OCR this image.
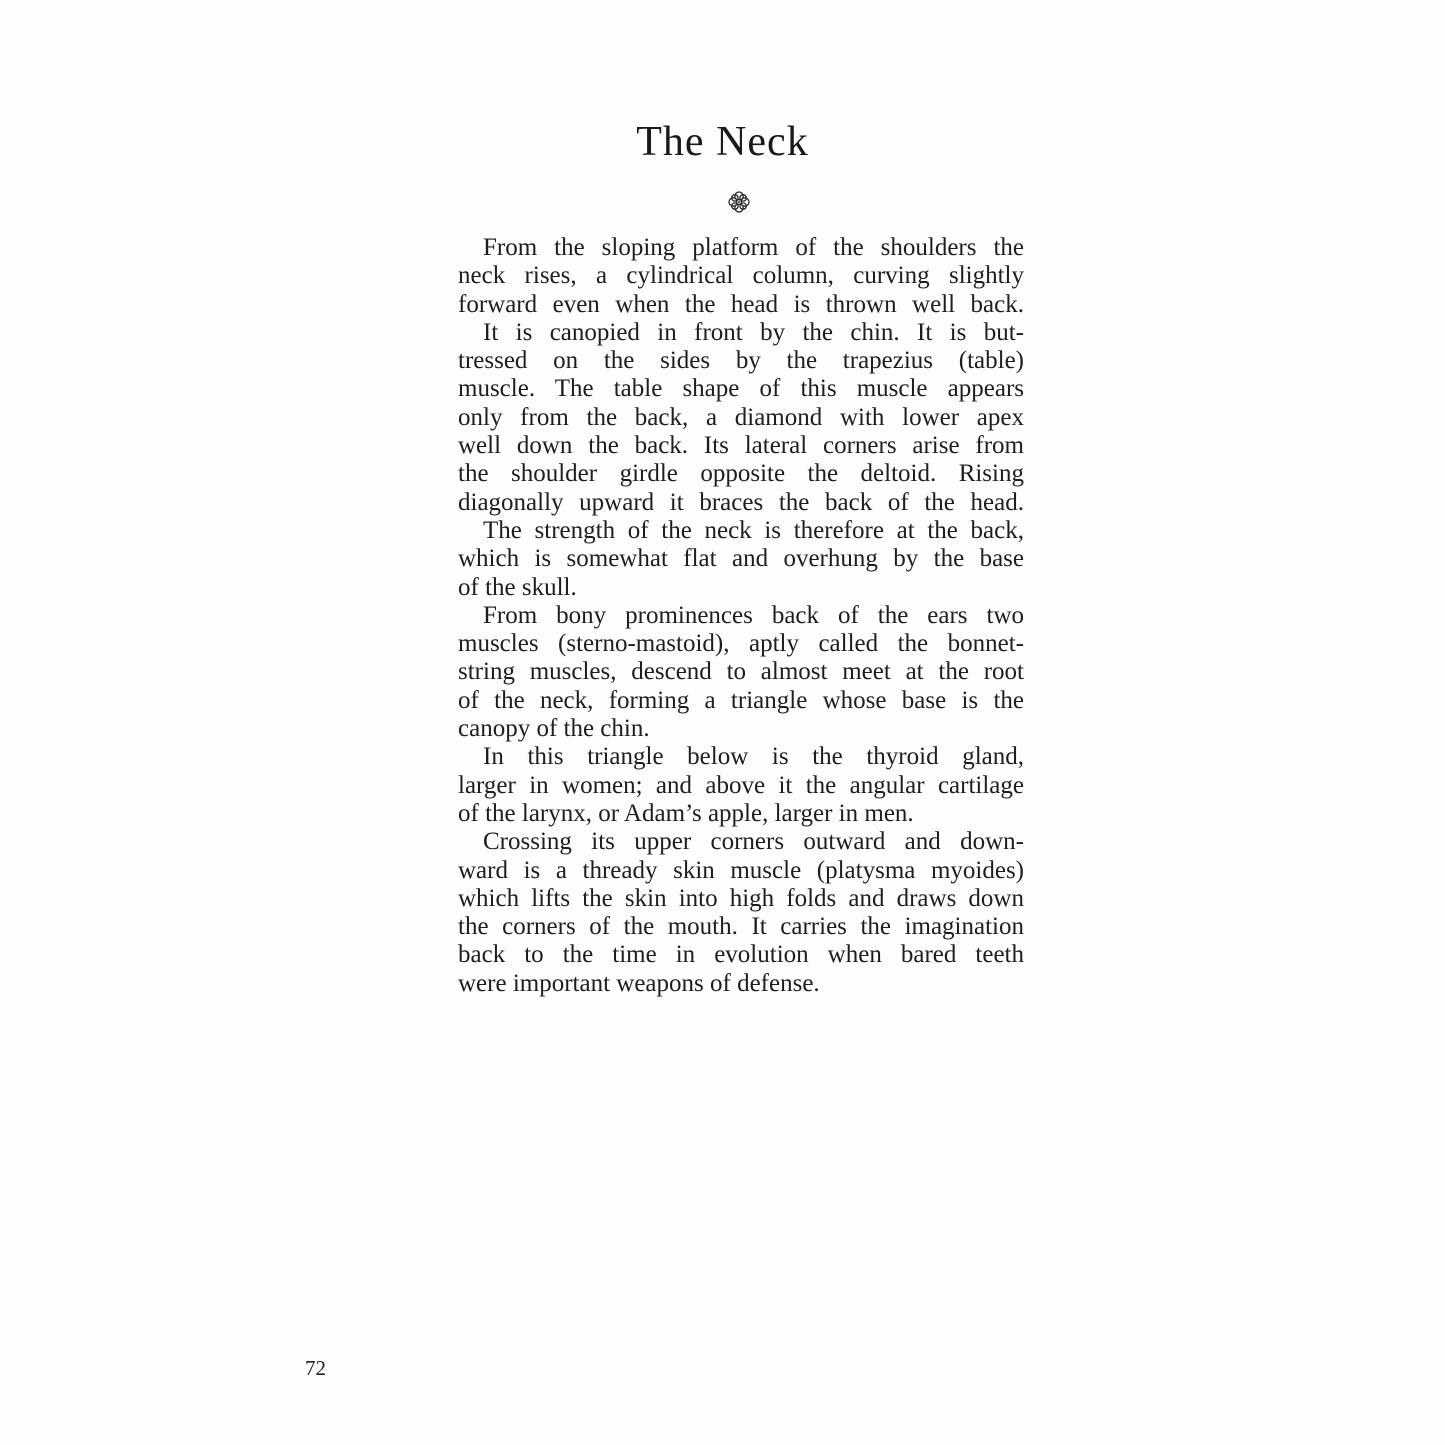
The Neck
From the sloping platform of the shoulders the
neck rises, a cylindrical column, curving slightly
forward even when the head is thrown well back.
It is canopied in front by the chin. It is but-
tressed on the sides by the trapezius (table)
muscle. The table shape of this muscle appears
only from the back, a diamond with lower apex
well down the back. Its lateral corners arise from
the shoulder girdle opposite the deltoid. Rising
diagonally upward it braces the back of the head.
The strength of the neck is therefore at the back,
which is somewhat flat and overhung by the base
of the skull.
From bony prominences back of the ears two
muscles (sterno-mastoid), aptly called the bonnet-
string muscles, descend to almost meet at the root
of the neck, forming a triangle whose base is the
canopy of the chin.
In this triangle below is the thyroid gland,
larger in women; and above it the angular cartilage
of the larynx, or Adam’s apple, larger in men.
Crossing its upper corners outward and down-
ward is a thready skin muscle (platysma myoides)
which lifts the skin into high folds and draws down
the corners of the mouth. It carries the imagination
back to the time in evolution when bared teeth
were important weapons of defense.
72
